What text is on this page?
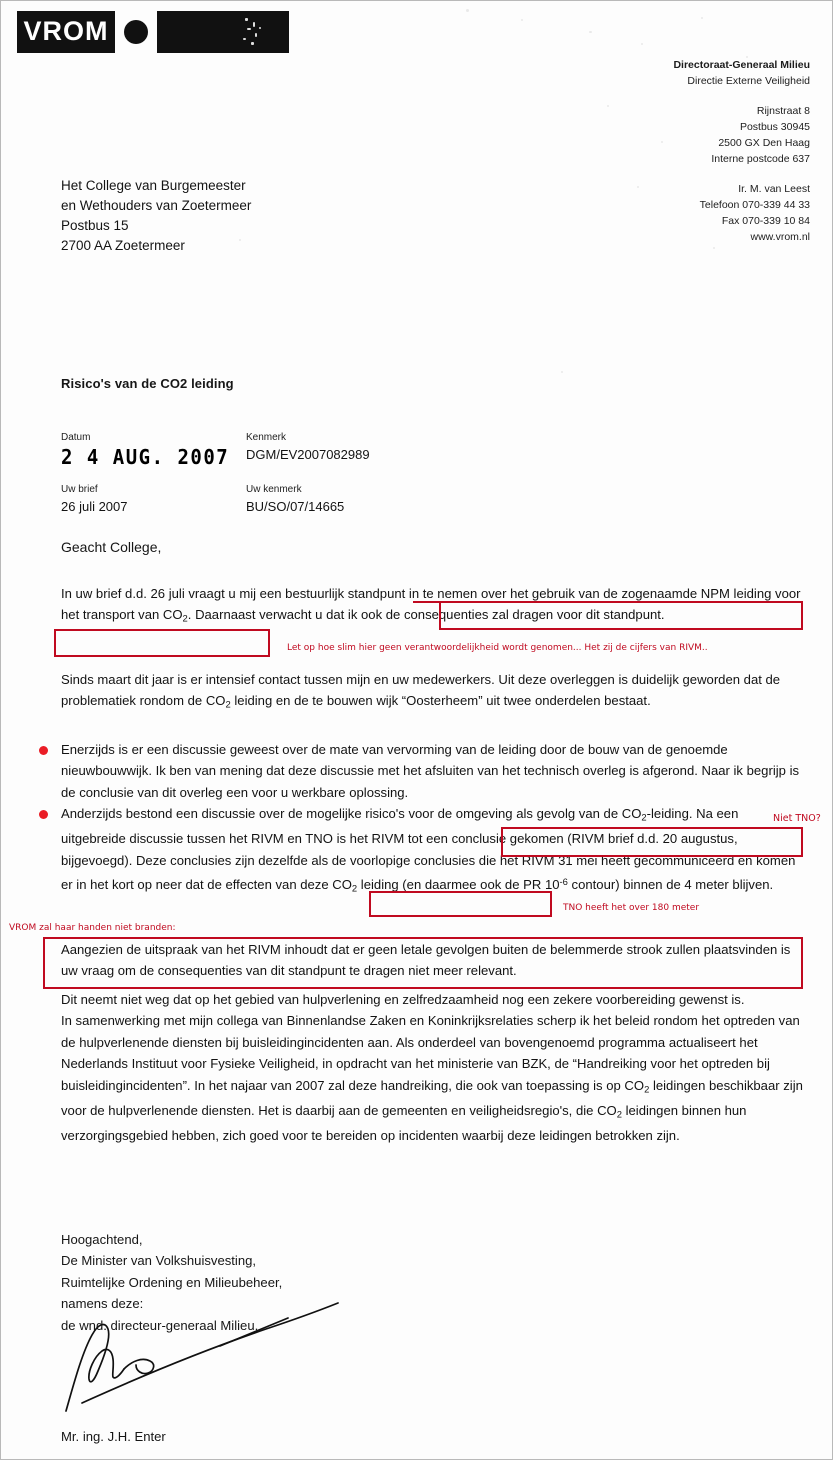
VROM
Directoraat-Generaal Milieu
Directie Externe Veiligheid
Rijnstraat 8
Postbus 30945
2500 GX Den Haag
Interne postcode 637
Ir. M. van Leest
Telefoon 070-339 44 33
Fax 070-339 10 84
www.vrom.nl
Het College van Burgemeester
en Wethouders van Zoetermeer
Postbus 15
2700 AA Zoetermeer
Risico's van de CO2 leiding
Datum
2 4 AUG. 2007
Kenmerk
DGM/EV2007082989
Uw brief
26 juli 2007
Uw kenmerk
BU/SO/07/14665
Geacht College,
In uw brief d.d. 26 juli vraagt u mij een bestuurlijk standpunt in te nemen over het gebruik van de zogenaamde NPM leiding voor het transport van $CO_2$. Daarnaast verwacht u dat ik ook de consequenties zal dragen voor dit standpunt.
Sinds maart dit jaar is er intensief contact tussen mijn en uw medewerkers. Uit deze overleggen is duidelijk geworden dat de problematiek rondom de $CO_2$ leiding en de te bouwen wijk “Oosterheem” uit twee onderdelen bestaat.
Enerzijds is er een discussie geweest over de mate van vervorming van de leiding door de bouw van de genoemde nieuwbouwwijk. Ik ben van mening dat deze discussie met het afsluiten van het technisch overleg is afgerond. Naar ik begrijp is de conclusie van dit overleg een voor u werkbare oplossing.
Anderzijds bestond een discussie over de mogelijke risico's voor de omgeving als gevolg van de $CO_2$-leiding. Na een uitgebreide discussie tussen het RIVM en TNO is het RIVM tot een conclusie gekomen (RIVM brief d.d. 20 augustus, bijgevoegd). Deze conclusies zijn dezelfde als de voorlopige conclusies die het RIVM 31 mei heeft gecommuniceerd en komen er in het kort op neer dat de effecten van deze $CO_2$ leiding (en daarmee ook de PR $10^{-6}$ contour) binnen de 4 meter blijven.
Aangezien de uitspraak van het RIVM inhoudt dat er geen letale gevolgen buiten de belemmerde strook zullen plaatsvinden is uw vraag om de consequenties van dit standpunt te dragen niet meer relevant.
Dit neemt niet weg dat op het gebied van hulpverlening en zelfredzaamheid nog een zekere voorbereiding gewenst is.
In samenwerking met mijn collega van Binnenlandse Zaken en Koninkrijksrelaties scherp ik het beleid rondom het optreden van de hulpverlenende diensten bij buisleidingincidenten aan. Als onderdeel van bovengenoemd programma actualiseert het Nederlands Instituut voor Fysieke Veiligheid, in opdracht van het ministerie van BZK, de “Handreiking voor het optreden bij buisleidingincidenten”. In het najaar van 2007 zal deze handreiking, die ook van toepassing is op $CO_2$ leidingen beschikbaar zijn voor de hulpverlenende diensten. Het is daarbij aan de gemeenten en veiligheidsregio's, die $CO_2$ leidingen binnen hun verzorgingsgebied hebben, zich goed voor te bereiden op incidenten waarbij deze leidingen betrokken zijn.
Hoogachtend,
De Minister van Volkshuisvesting,
Ruimtelijke Ordening en Milieubeheer,
namens deze:
de wnd. directeur-generaal Milieu,
Mr. ing. J.H. Enter
Let op hoe slim hier geen verantwoordelijkheid wordt genomen... Het zij de cijfers van RIVM..
Niet TNO?
TNO heeft het over 180 meter
VROM zal haar handen niet branden:
